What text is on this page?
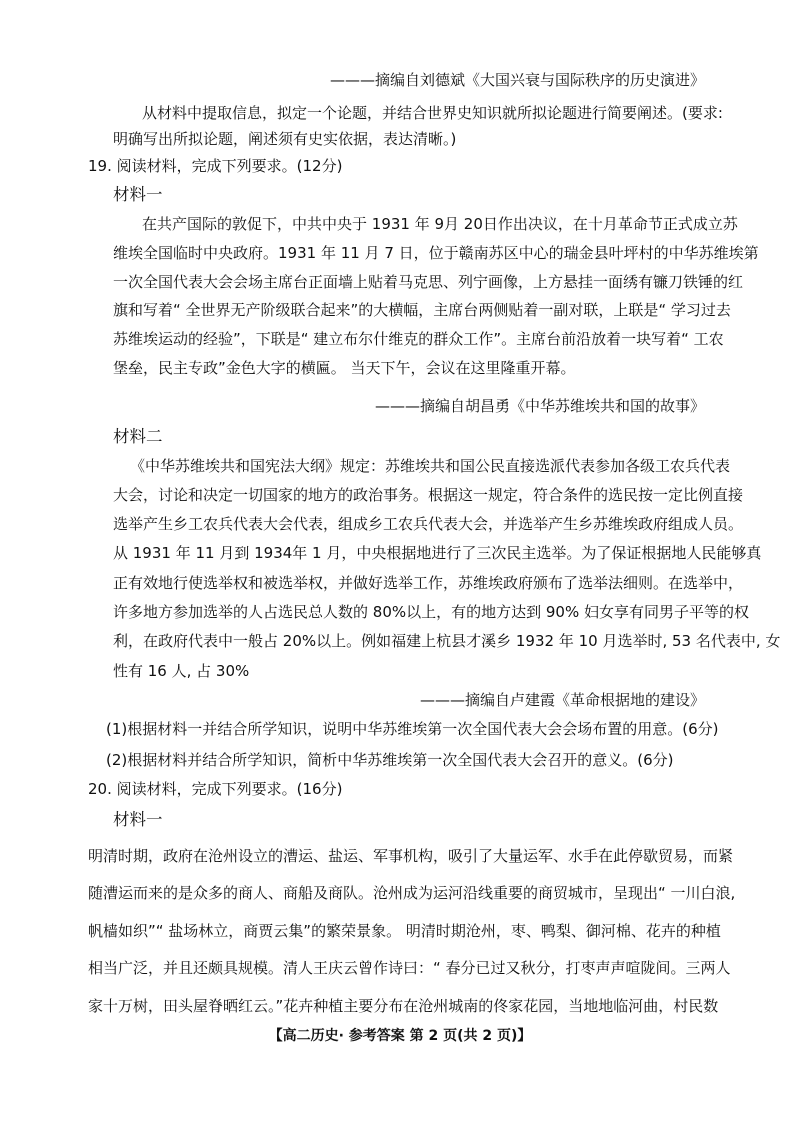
———摘编自刘德斌《大国兴衰与国际秩序的历史演进》
从材料中提取信息，拟定一个论题，并结合世界史知识就所拟论题进行简要阐述。(要求:
明确写出所拟论题，阐述须有史实依据，表达清晰。)
19. 阅读材料，完成下列要求。(12分)
材料一
在共产国际的敦促下，中共中央于 1931 年 9月 20日作出决议，在十月革命节正式成立苏
维埃全国临时中央政府。1931 年 11 月 7 日，位于赣南苏区中心的瑞金县叶坪村的中华苏维埃第
一次全国代表大会会场主席台正面墙上贴着马克思、列宁画像，上方悬挂一面绣有镰刀铁锤的红
旗和写着“ 全世界无产阶级联合起来”的大横幅，主席台两侧贴着一副对联，上联是“ 学习过去
苏维埃运动的经验”，下联是“ 建立布尔什维克的群众工作”。主席台前沿放着一块写着“ 工农
堡垒，民主专政”金色大字的横匾。 当天下午，会议在这里隆重开幕。
———摘编自胡昌勇《中华苏维埃共和国的故事》
材料二
《中华苏维埃共和国宪法大纲》规定：苏维埃共和国公民直接选派代表参加各级工农兵代表
大会，讨论和决定一切国家的地方的政治事务。根据这一规定，符合条件的选民按一定比例直接
选举产生乡工农兵代表大会代表，组成乡工农兵代表大会，并选举产生乡苏维埃政府组成人员。
从 1931 年 11 月到 1934年 1 月，中央根据地进行了三次民主选举。为了保证根据地人民能够真
正有效地行使选举权和被选举权，并做好选举工作，苏维埃政府颁布了选举法细则。在选举中，
许多地方参加选举的人占选民总人数的 80%以上，有的地方达到 90% 妇女享有同男子平等的权
利，在政府代表中一般占 20%以上。例如福建上杭县才溪乡 1932 年 10 月选举时, 53 名代表中, 女
性有 16 人, 占 30%
———摘编自卢建霞《革命根据地的建设》
(1)根据材料一并结合所学知识，说明中华苏维埃第一次全国代表大会会场布置的用意。(6分)
(2)根据材料并结合所学知识，简析中华苏维埃第一次全国代表大会召开的意义。(6分)
20. 阅读材料，完成下列要求。(16分)
材料一
明清时期，政府在沧州设立的漕运、盐运、军事机构，吸引了大量运军、水手在此停歇贸易，而紧
随漕运而来的是众多的商人、商船及商队。沧州成为运河沿线重要的商贸城市，呈现出“ 一川白浪,
帆樯如织”“ 盐场林立，商贾云集”的繁荣景象。 明清时期沧州，枣、鸭梨、御河棉、花卉的种植
相当广泛，并且还颇具规模。清人王庆云曾作诗曰：“ 春分已过又秋分，打枣声声喧陇间。三两人
家十万树，田头屋脊晒红云。”花卉种植主要分布在沧州城南的佟家花园，当地地临河曲，村民数
【高二历史· 参考答案 第 2 页(共 2 页)】
